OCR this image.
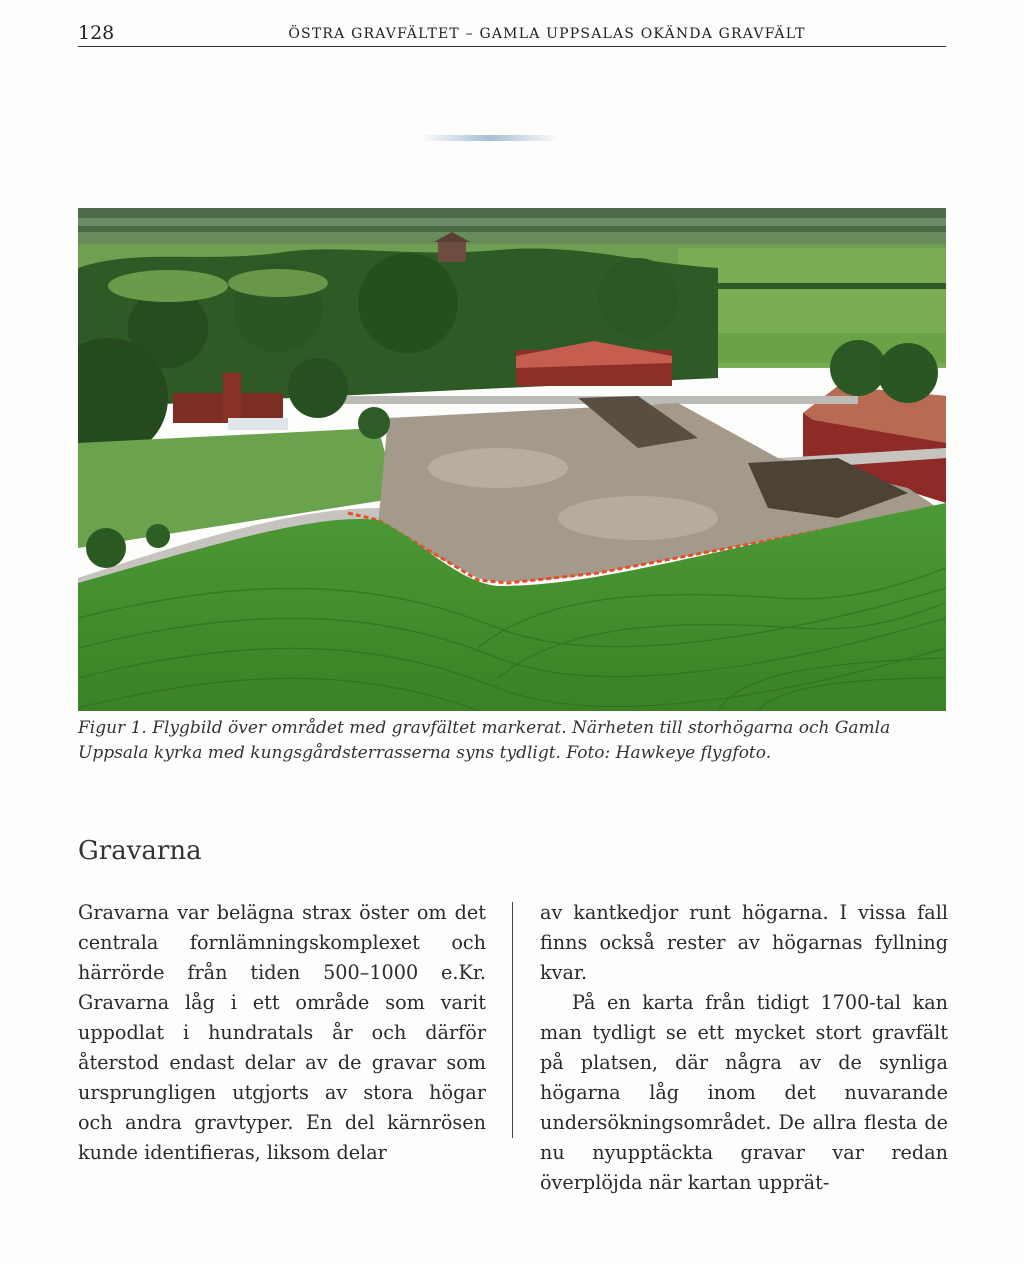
128	ÖSTRA GRAVFÄLTET – GAMLA UPPSALAS OKÄNDA GRAVFÄLT
Figur 1. Flygbild över området med gravfältet markerat. Närheten till storhögarna och Gamla Uppsala kyrka med kungsgårdsterrasserna syns tydligt. Foto: Hawkeye flygfoto.
Gravarna

Gravarna var belägna strax öster om det centrala fornlämningskomplexet och härrörde från tiden 500–1000 e.Kr. Gravarna låg i ett område som varit uppodlat i hundratals år och därför återstod endast delar av de gravar som ursprungligen utgjorts av stora högar och andra gravtyper. En del kärnrösen kunde identifieras, liksom delar

av kantkedjor runt högarna. I vissa fall finns också rester av högarnas fyllning kvar.

På en karta från tidigt 1700-tal kan man tydligt se ett mycket stort gravfält på platsen, där några av de synliga högarna låg inom det nuvarande undersökningsområdet. De allra flesta de nu nyupptäckta gravar var redan överplöjda när kartan upprät-
